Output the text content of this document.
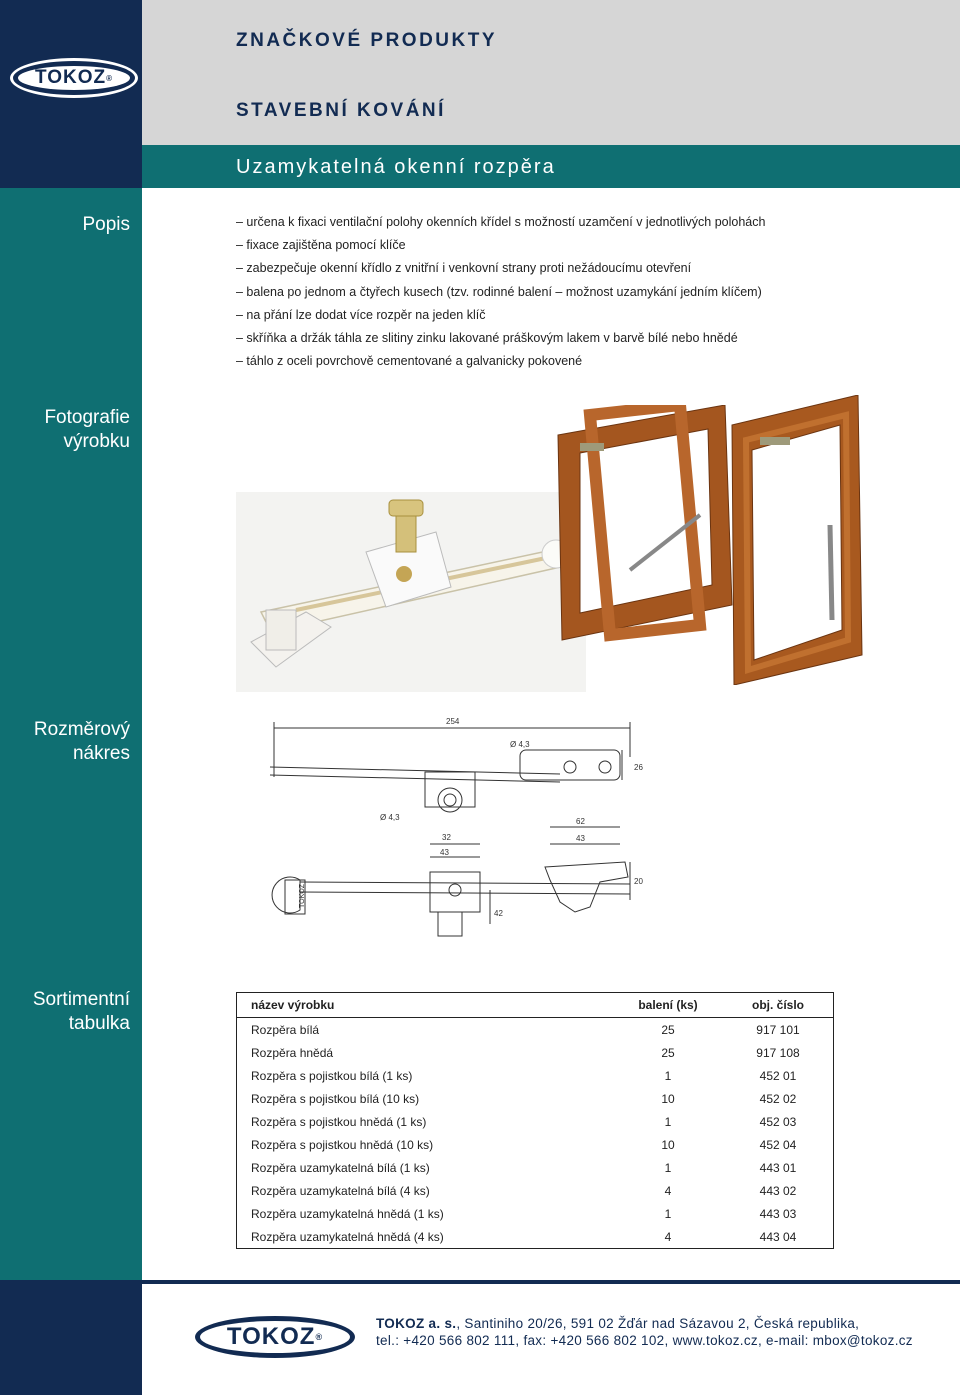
TOKOZ ®
ZNAČKOVÉ PRODUKTY
STAVEBNÍ KOVÁNÍ
Uzamykatelná okenní rozpěra
Popis
Fotografie
výrobku
Rozměrový
nákres
Sortimentní
tabulka
– určena k fixaci ventilační polohy okenních křídel s možností uzamčení v jednotlivých polohách
– fixace zajištěna pomocí klíče
– zabezpečuje okenní křídlo z vnitřní i venkovní strany proti nežádoucímu otevření
– balena po jednom a čtyřech kusech (tzv. rodinné balení – možnost uzamykání jedním klíčem)
– na přání lze dodat více rozpěr na jeden klíč
– skříňka a držák táhla ze slitiny zinku lakované práškovým lakem v barvě bílé nebo hnědé
– táhlo z oceli povrchově cementované a galvanicky pokovené
254
Ø 4,3
26
Ø 4,3
32
43
62
43
20
42
TOKOZ
název výrobku	balení (ks)	obj. číslo
Rozpěra bílá	25	917 101
Rozpěra hnědá	25	917 108
Rozpěra s pojistkou bílá (1 ks)	1	452 01
Rozpěra s pojistkou bílá (10 ks)	10	452 02
Rozpěra s pojistkou hnědá (1 ks)	1	452 03
Rozpěra s pojistkou hnědá (10 ks)	10	452 04
Rozpěra uzamykatelná bílá (1 ks)	1	443 01
Rozpěra uzamykatelná bílá (4 ks)	4	443 02
Rozpěra uzamykatelná hnědá (1 ks)	1	443 03
Rozpěra uzamykatelná hnědá (4 ks)	4	443 04
TOKOZ ®
TOKOZ a. s., Santiniho 20/26, 591 02 Žďár nad Sázavou 2, Česká republika,
tel.: +420 566 802 111, fax: +420 566 802 102, www.tokoz.cz, e-mail: mbox@tokoz.cz
